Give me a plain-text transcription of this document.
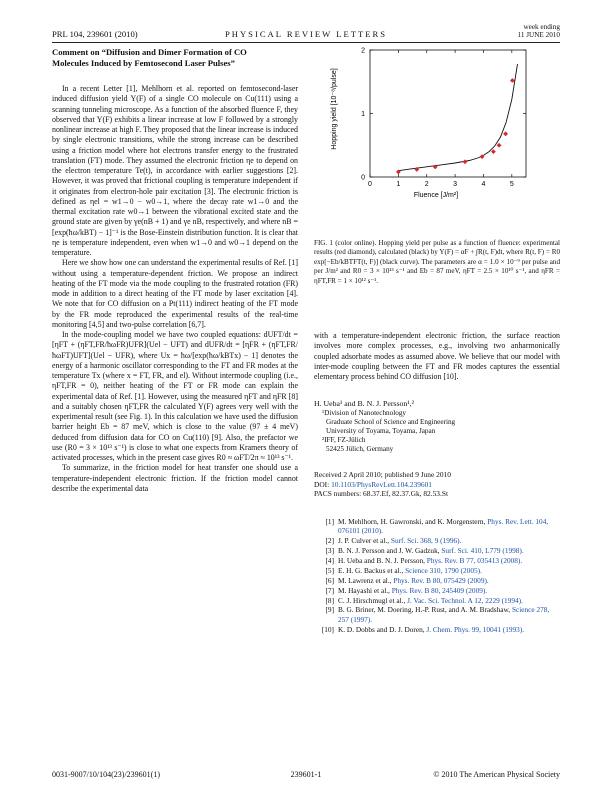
PRL 104, 239601 (2010)	PHYSICAL REVIEW LETTERS
week ending
11 JUNE 2010
Comment on “Diffusion and Dimer Formation of CO
Molecules Induced by Femtosecond Laser Pulses”

In a recent Letter [1], Mehlhorn et al. reported on femtosecond-laser induced diffusion yield Y(F) of a single CO molecule on Cu(111) using a scanning tunneling microscope. As a function of the absorbed fluence F, they observed that Y(F) exhibits a linear increase at low F followed by a strongly nonlinear increase at high F. They proposed that the linear increase is induced by single electronic transitions, while the strong increase can be described using a friction model where hot electrons transfer energy to the frustrated translation (FT) mode. They assumed the electronic friction ηe to depend on the electron temperature Te(t), in accordance with earlier suggestions [2]. However, it was proved that frictional coupling is temperature independent if it originates from electron-hole pair excitation [3]. The electronic friction is defined as ηel = w1→0 − w0→1, where the decay rate w1→0 and the thermal excitation rate w0→1 between the vibrational excited state and the ground state are given by γe(nB + 1) and γe nB, respectively, and where nB = [exp(ħω/kBT) − 1]⁻¹ is the Bose-Einstein distribution function. It is clear that ηe is temperature independent, even when w1→0 and w0→1 depend on the temperature.

Here we show how one can understand the experimental results of Ref. [1] without using a temperature-dependent friction. We propose an indirect heating of the FT mode via the mode coupling to the frustrated rotation (FR) mode in addition to a direct heating of the FT mode by laser excitation [4]. We note that for CO diffusion on a Pt(111) indirect heating of the FT mode by the FR mode reproduced the experimental results of the real-time monitoring [4,5] and two-pulse correlation [6,7].

In the mode-coupling model we have two coupled equations: dUFT/dt = [ηFT + (ηFT,FR/ħωFR)UFR](Uel − UFT) and dUFR/dt = [ηFR + (ηFT,FR/ħωFT)UFT](Uel − UFR), where Ux = ħω/[exp(ħω/kBTx) − 1] denotes the energy of a harmonic oscillator corresponding to the FT and FR modes at the temperature Tx (where x = FT, FR, and el). Without intermode coupling (i.e., ηFT,FR = 0), neither heating of the FT or FR mode can explain the experimental data of Ref. [1]. However, using the measured ηFT and ηFR [8] and a suitably chosen ηFT,FR the calculated Y(F) agrees very well with the experimental result (see Fig. 1). In this calculation we have used the diffusion barrier height Eb = 87 meV, which is close to the value (97 ± 4 meV) deduced from diffusion data for CO on Cu(110) [9]. Also, the prefactor we use (R0 = 3 × 10¹³ s⁻¹) is close to what one expects from Kramers theory of activated processes, which in the present case gives R0 ≈ ωFT/2π ≈ 10¹³ s⁻¹.

To summarize, in the friction model for heat transfer one should use a temperature-independent electronic friction. If the friction model cannot describe the experimental data

0	1	2	3	4	5
0
1
2
Hopping yield [10⁻⁸/pulse]
Fluence [J/m²]
FIG. 1 (color online). Hopping yield per pulse as a function of fluence: experimental results (red diamond), calculated (black) by Y(F) = αF + ∫R(t, F)dt, where R(t, F) = R0 exp[−Eb/kBTFT(t, F)] (black curve). The parameters are α = 1.0 × 10⁻⁹ per pulse and per J/m² and R0 = 3 × 10¹³ s⁻¹ and Eb = 87 meV, ηFT = 2.5 × 10¹⁰ s⁻¹, and ηFR = ηFT,FR = 1 × 10¹² s⁻¹.

with a temperature-independent electronic friction, the surface reaction involves more complex processes, e.g., involving two anharmonically coupled adsorbate modes as assumed above. We believe that our model with inter-mode coupling between the FT and FR modes captures the essential elementary process behind CO diffusion [10].

H. Ueba¹ and B. N. J. Persson¹,²
¹Division of Nanotechnology
Graduate School of Science and Engineering
University of Toyama, Toyama, Japan
²IFF, FZ-Jülich
52425 Jülich, Germany
Received 2 April 2010; published 9 June 2010
DOI: 10.1103/PhysRevLett.104.239601
PACS numbers: 68.37.Ef, 82.37.Gk, 82.53.St
[1] M. Mehlhorn, H. Gawronski, and K. Morgenstern, Phys. Rev. Lett. 104, 076101 (2010).
[2] J. P. Culver et al., Surf. Sci. 368, 9 (1996).
[3] B. N. J. Persson and J. W. Gadzuk, Surf. Sci. 410, L779 (1998).
[4] H. Ueba and B. N. J. Persson, Phys. Rev. B 77, 035413 (2008).
[5] E. H. G. Backus et al., Science 310, 1790 (2005).
[6] M. Lawrenz et al., Phys. Rev. B 80, 075429 (2009).
[7] M. Hayashi et al., Phys. Rev. B 80, 245409 (2009).
[8] C. J. Hirschmugl et al., J. Vac. Sci. Technol. A 12, 2229 (1994).
[9] B. G. Briner, M. Doering, H.-P. Rust, and A. M. Bradshaw, Science 278, 257 (1997).
[10] K. D. Dobbs and D. J. Doren, J. Chem. Phys. 99, 10041 (1993).
0031-9007/10/104(23)/239601(1)	239601-1	© 2010 The American Physical Society
